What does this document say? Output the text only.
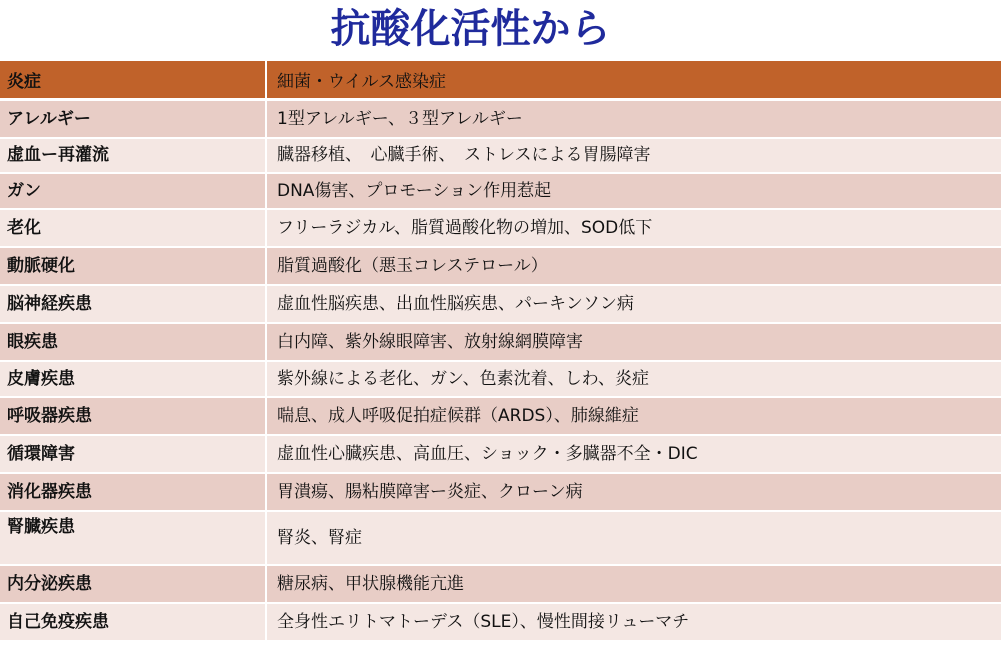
抗酸化活性から
炎症	細菌・ウイルス感染症
アレルギー	1型アレルギー、３型アレルギー
虚血ー再灌流	臓器移植、　心臓手術、　ストレスによる胃腸障害
ガン	DNA傷害、プロモーション作用惹起
老化	フリーラジカル、脂質過酸化物の増加、SOD低下
動脈硬化	脂質過酸化（悪玉コレステロール）
脳神経疾患	虚血性脳疾患、出血性脳疾患、パーキンソン病
眼疾患	白内障、紫外線眼障害、放射線網膜障害
皮膚疾患	紫外線による老化、ガン、色素沈着、しわ、炎症
呼吸器疾患	喘息、成人呼吸促拍症候群（ARDS）、肺線維症
循環障害	虚血性心臓疾患、高血圧、ショック・多臓器不全・DIC
消化器疾患	胃潰瘍、腸粘膜障害ー炎症、クローン病
腎臓疾患	腎炎、腎症

内分泌疾患	糖尿病、甲状腺機能亢進
自己免疫疾患	全身性エリトマトーデス（SLE）、慢性間接リューマチ
